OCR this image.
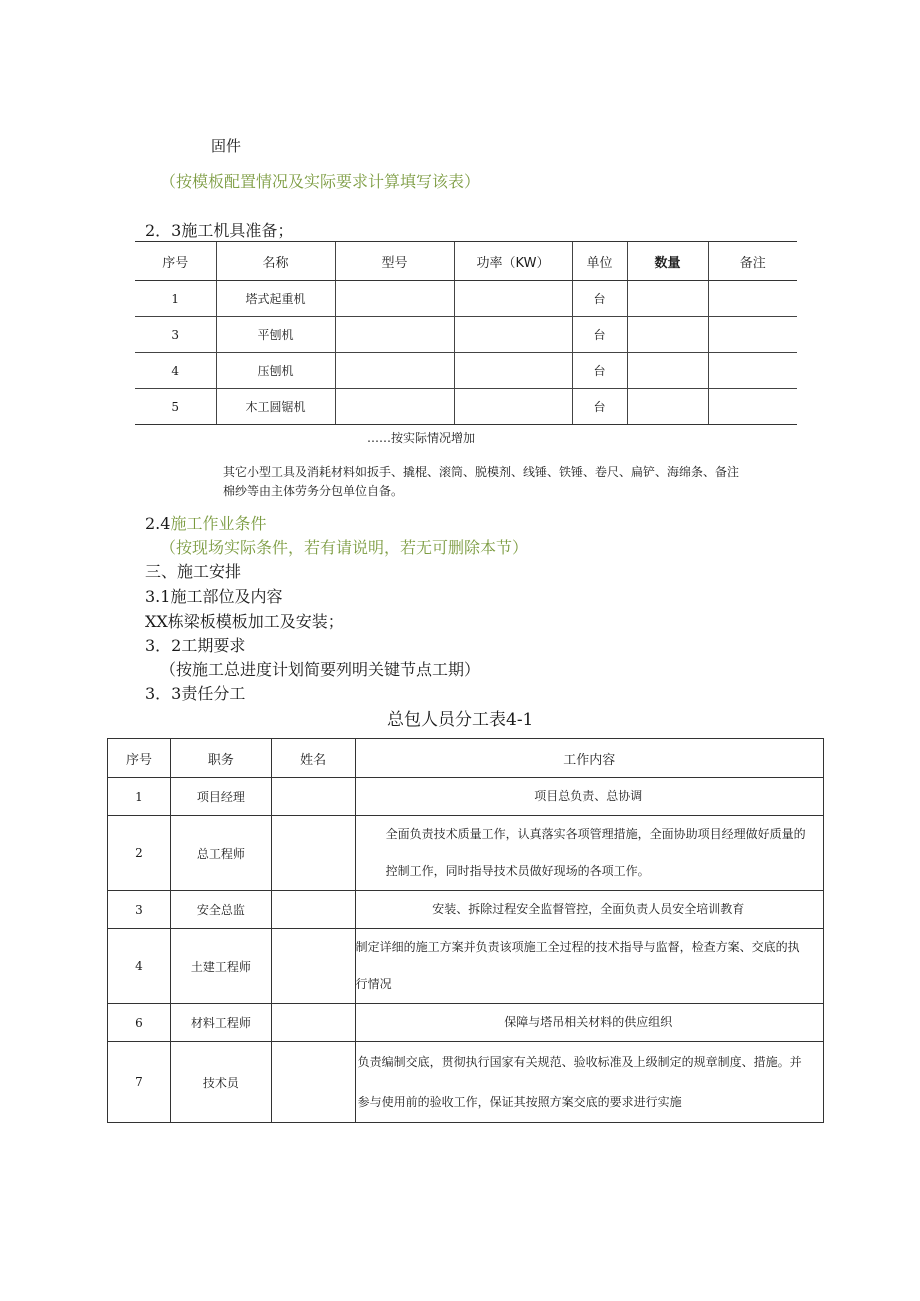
固件
（按模板配置情况及实际要求计算填写该表）
2．3施工机具准备；
序号	名称	型号	功率（KW）	单位	数量	备注
1	塔式起重机			台		
3	平刨机			台		
4	压刨机			台		
5	木工圆锯机			台		
……按实际情况增加
其它小型工具及消耗材料如扳手、撬棍、滚筒、脱模剂、线锤、铁锤、卷尺、扁铲、海绵条、备注
棉纱等由主体劳务分包单位自备。
2.4施工作业条件
（按现场实际条件，若有请说明，若无可删除本节）
三、施工安排
3.1施工部位及内容
XX栋梁板模板加工及安装；
3．2工期要求
（按施工总进度计划简要列明关键节点工期）
3．3责任分工
总包人员分工表4-1
序号	职务	姓名	工作内容
1	项目经理		项目总负责、总协调
2	总工程师		全面负责技术质量工作，认真落实各项管理措施，全面协助项目经理做好质量的控制工作，同时指导技术员做好现场的各项工作。
3	安全总监		安装、拆除过程安全监督管控，全面负责人员安全培训教育
4	土建工程师		制定详细的施工方案并负责该项施工全过程的技术指导与监督，检查方案、交底的执行情况
6	材料工程师		保障与塔吊相关材料的供应组织
7	技术员		负责编制交底，贯彻执行国家有关规范、验收标准及上级制定的规章制度、措施。并参与使用前的验收工作，保证其按照方案交底的要求进行实施
